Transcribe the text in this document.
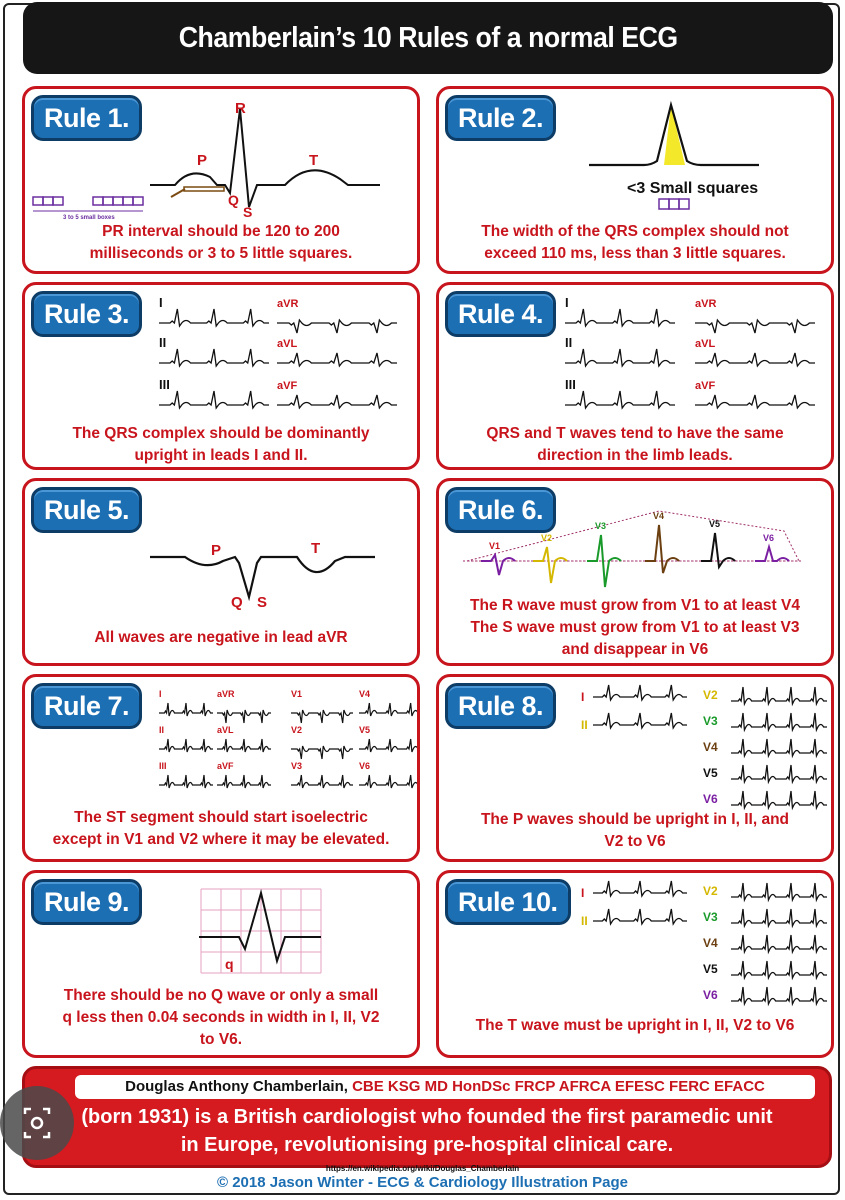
Chamberlain’s 10 Rules of a normal ECG
Rule 1.
P
R
Q
S
T
3 to 5 small boxes
PR interval should be 120 to 200
milliseconds or 3 to 5 little squares.
Rule 2.
<3 Small squares
The width of the QRS complex should not
exceed 110 ms, less than 3 little squares.
Rule 3.	I	aVR
II	aVL
III	aVF
The QRS complex should be dominantly
upright in leads I and II.
Rule 4.	I	aVR
II	aVL
III	aVF
QRS and T waves tend to have the same
direction in the limb leads.
Rule 5.
P	T
Q S
All waves are negative in lead aVR
Rule 6.
V1
V2
V3
V4
V5
V6
The R wave must grow from V1 to at least V4
The S wave must grow from V1 to at least V3
and disappear in V6
Rule 7.	I
II
III
aVR
aVL
aVF
V1
V2
V3
V4
V5
V6
The ST segment should start isoelectric
except in V1 and V2 where it may be elevated.
Rule 8.	I
II
V2
V3
V4
V5
V6
The P waves should be upright in I, II, and
V2 to V6
Rule 9.
q
There should be no Q wave or only a small
q less then 0.04 seconds in width in I, II, V2
to V6.
Rule 10.	I
II
V2
V3
V4
V5
V6
The T wave must be upright in I, II, V2 to V6
Douglas Anthony Chamberlain, CBE KSG MD HonDSc FRCP AFRCA EFESC FERC EFACC
(born 1931) is a British cardiologist who founded the first paramedic unit
in Europe, revolutionising pre-hospital clinical care.
https://en.wikipedia.org/wiki/Douglas_Chamberlain
© 2018 Jason Winter - ECG & Cardiology Illustration Page
